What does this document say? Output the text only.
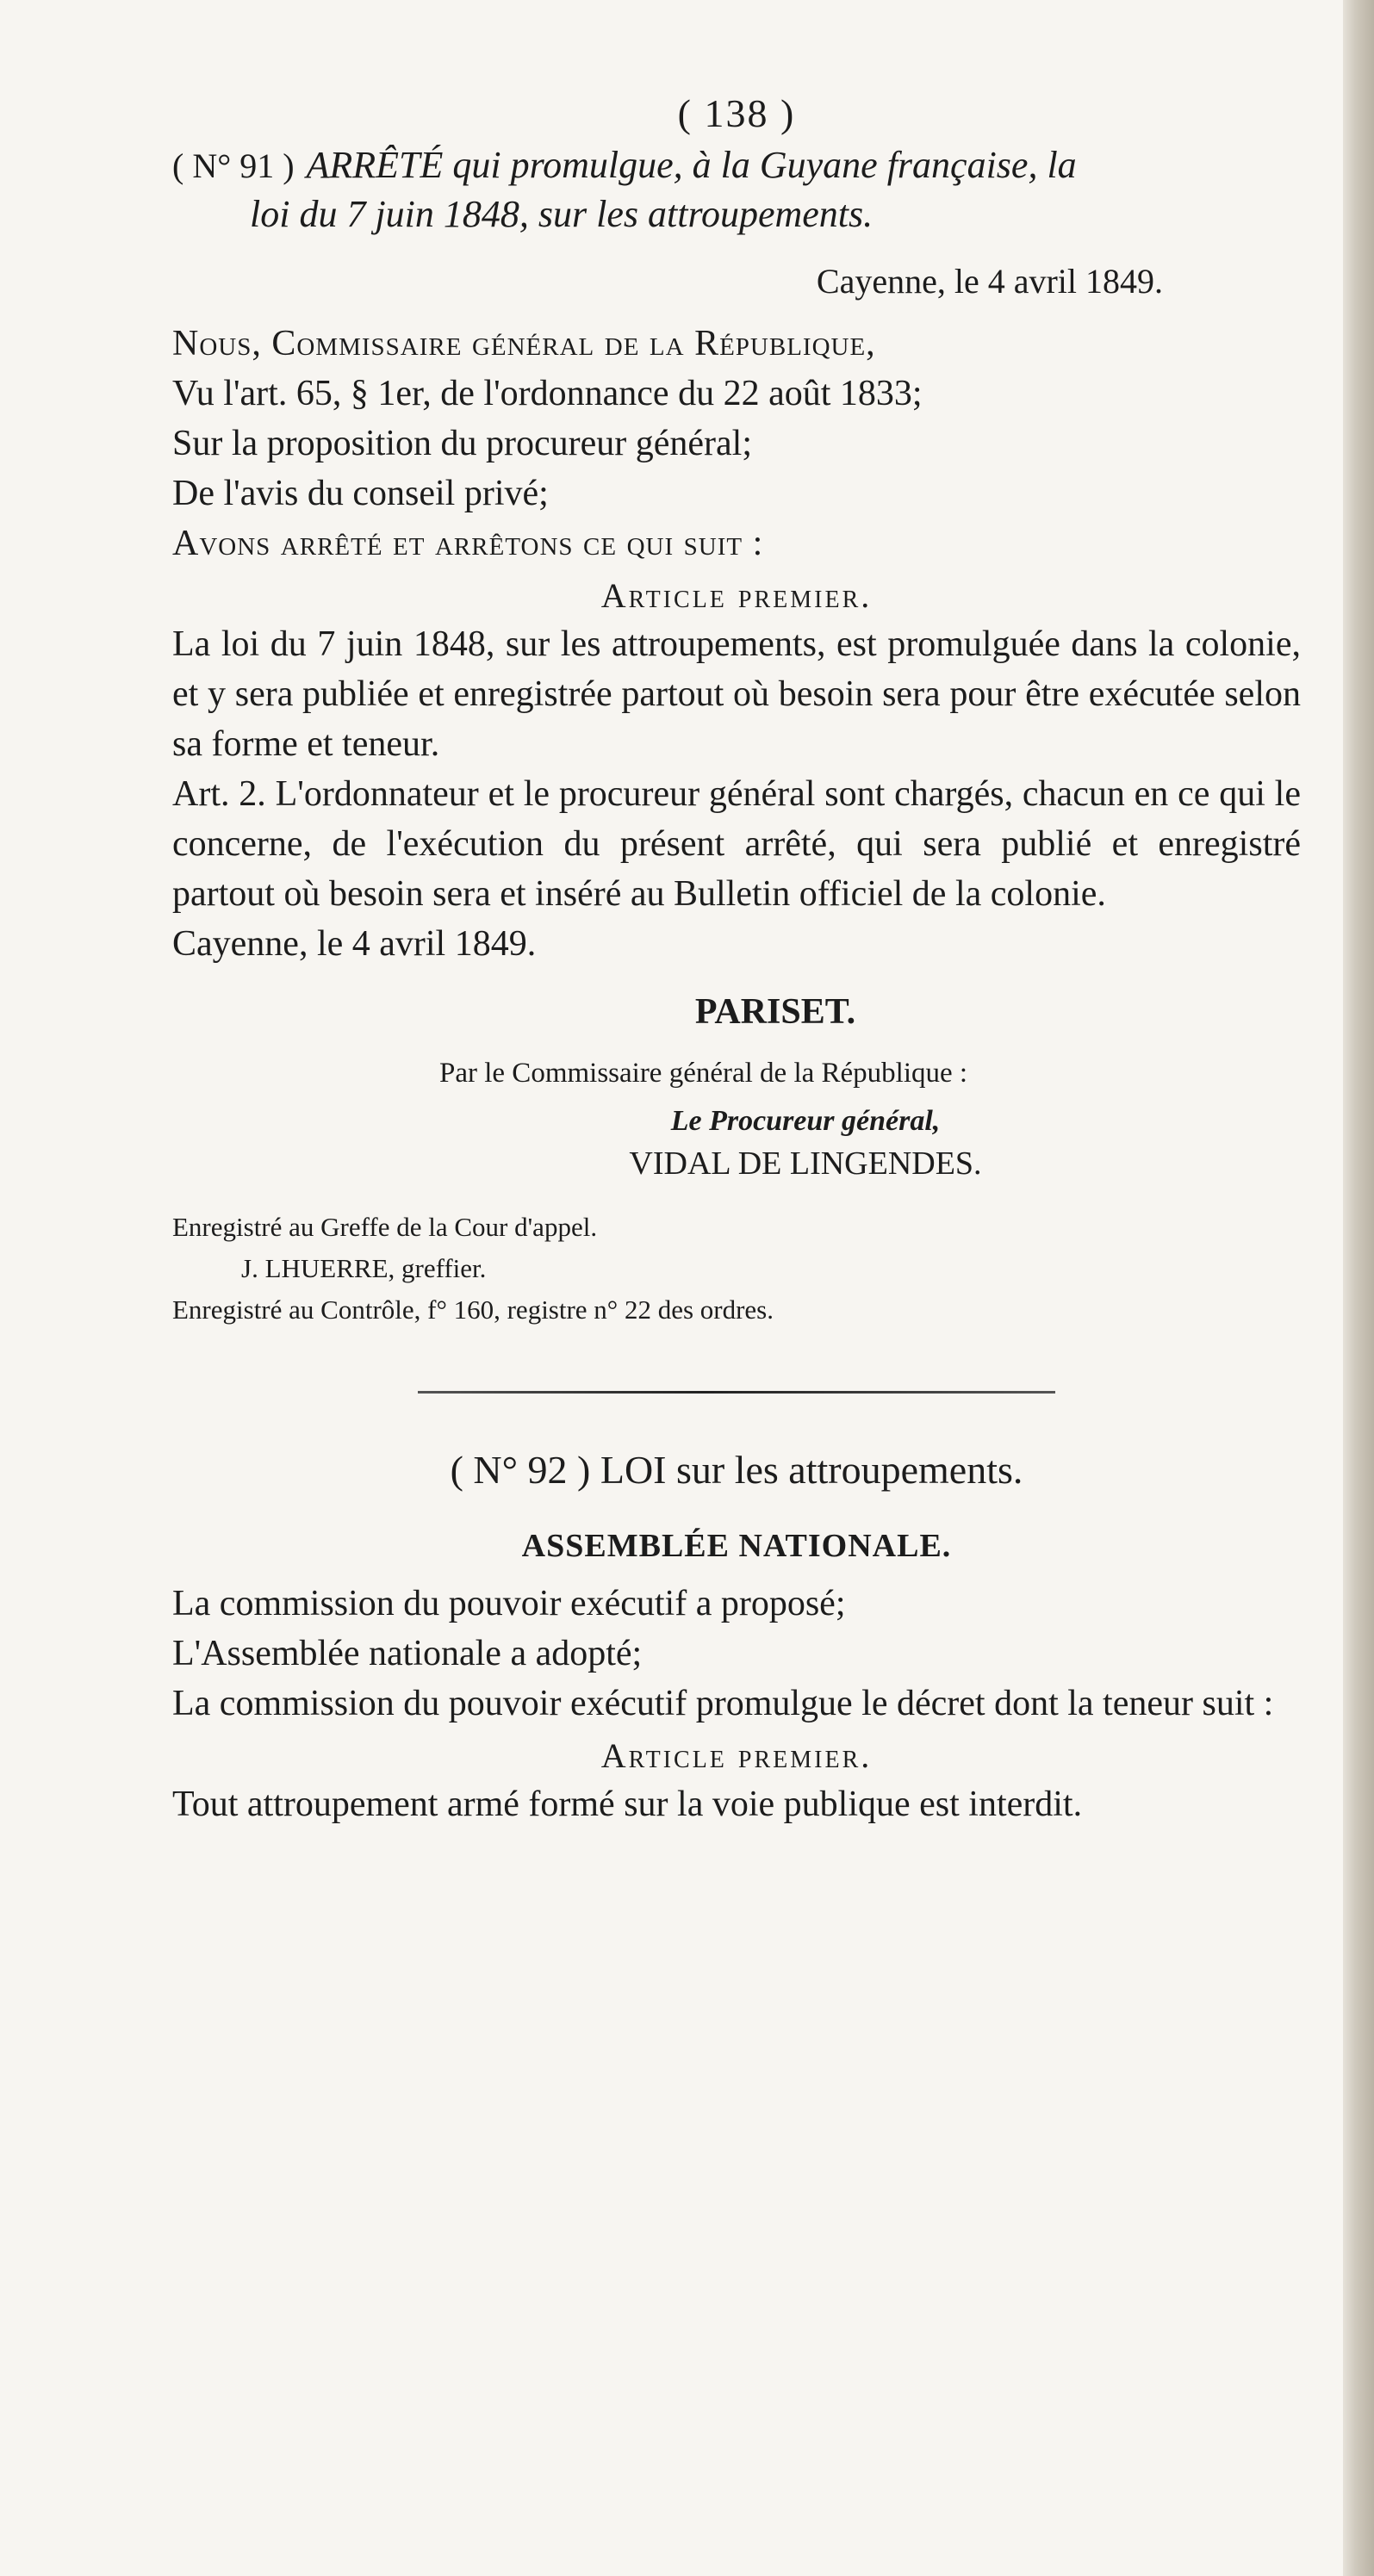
( 138 )

( N° 91 ) ARRÊTÉ qui promulgue, à la Guyane française, la

loi du 7 juin 1848, sur les attroupements.

Cayenne, le 4 avril 1849.

Nous, Commissaire général de la République,

Vu l'art. 65, § 1er, de l'ordonnance du 22 août 1833;

Sur la proposition du procureur général;

De l'avis du conseil privé;

Avons arrêté et arrêtons ce qui suit :

Article premier.

La loi du 7 juin 1848, sur les attroupements, est promulguée dans la colonie, et y sera publiée et enregistrée partout où besoin sera pour être exécutée selon sa forme et teneur.

Art. 2. L'ordonnateur et le procureur général sont chargés, chacun en ce qui le concerne, de l'exécution du présent arrêté, qui sera publié et enregistré partout où besoin sera et inséré au Bulletin officiel de la colonie.

Cayenne, le 4 avril 1849.

PARISET.

Par le Commissaire général de la République :

Le Procureur général,
VIDAL DE LINGENDES.

Enregistré au Greffe de la Cour d'appel.

J. LHUERRE, greffier.

Enregistré au Contrôle, f° 160, registre n° 22 des ordres.

( N° 92 ) LOI sur les attroupements.
ASSEMBLÉE NATIONALE.

La commission du pouvoir exécutif a proposé;

L'Assemblée nationale a adopté;

La commission du pouvoir exécutif promulgue le décret dont la teneur suit :

Article premier.

Tout attroupement armé formé sur la voie publique est interdit.
